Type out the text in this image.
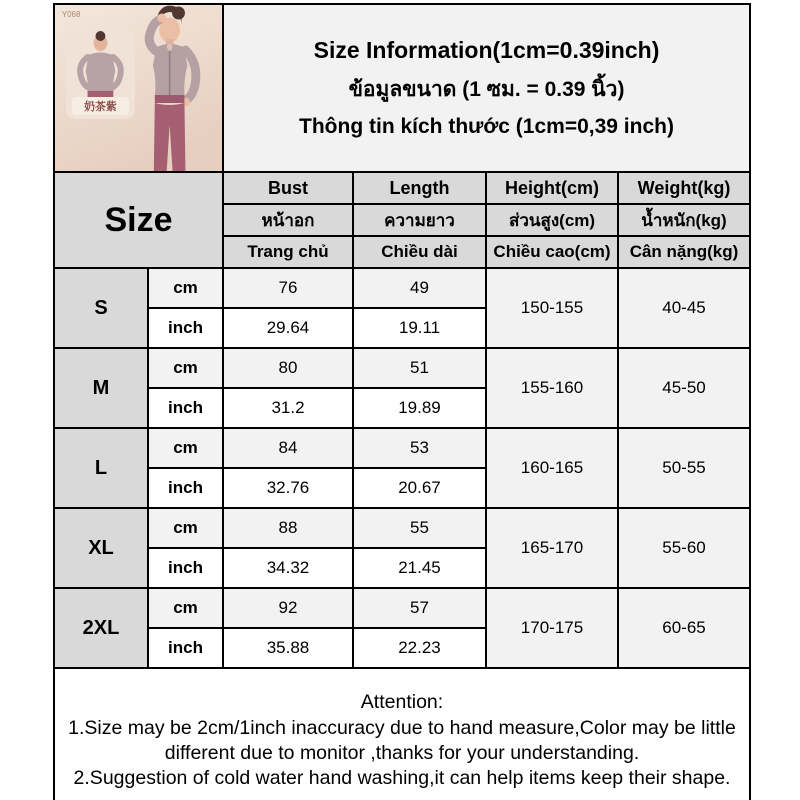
奶茶紫
Y068

Size Information(1cm=0.39inch)
ข้อมูลขนาด (1 ซม. = 0.39 นิ้ว)
Thông tin kích thước (1cm=0,39 inch)

Size		Bust	Length	Height(cm)	Weight(kg)
		หน้าอก	ความยาว	ส่วนสูง(cm)	น้ำหนัก(kg)
		Trang chủ	Chiều dài	Chiều cao(cm)	Cân nặng(kg)
S	cm	76	49	150-155	40-45
	inch	29.64	19.11		
M	cm	80	51	155-160	45-50
	inch	31.2	19.89		
L	cm	84	53	160-165	50-55
	inch	32.76	20.67		
XL	cm	88	55	165-170	55-60
	inch	34.32	21.45		
2XL	cm	92	57	170-175	60-65
	inch	35.88	22.23		

Attention:
1.Size may be 2cm/1inch inaccuracy due to hand measure,Color may be little different due to monitor ,thanks for your understanding.
2.Suggestion of cold water hand washing,it can help items keep their shape.					
